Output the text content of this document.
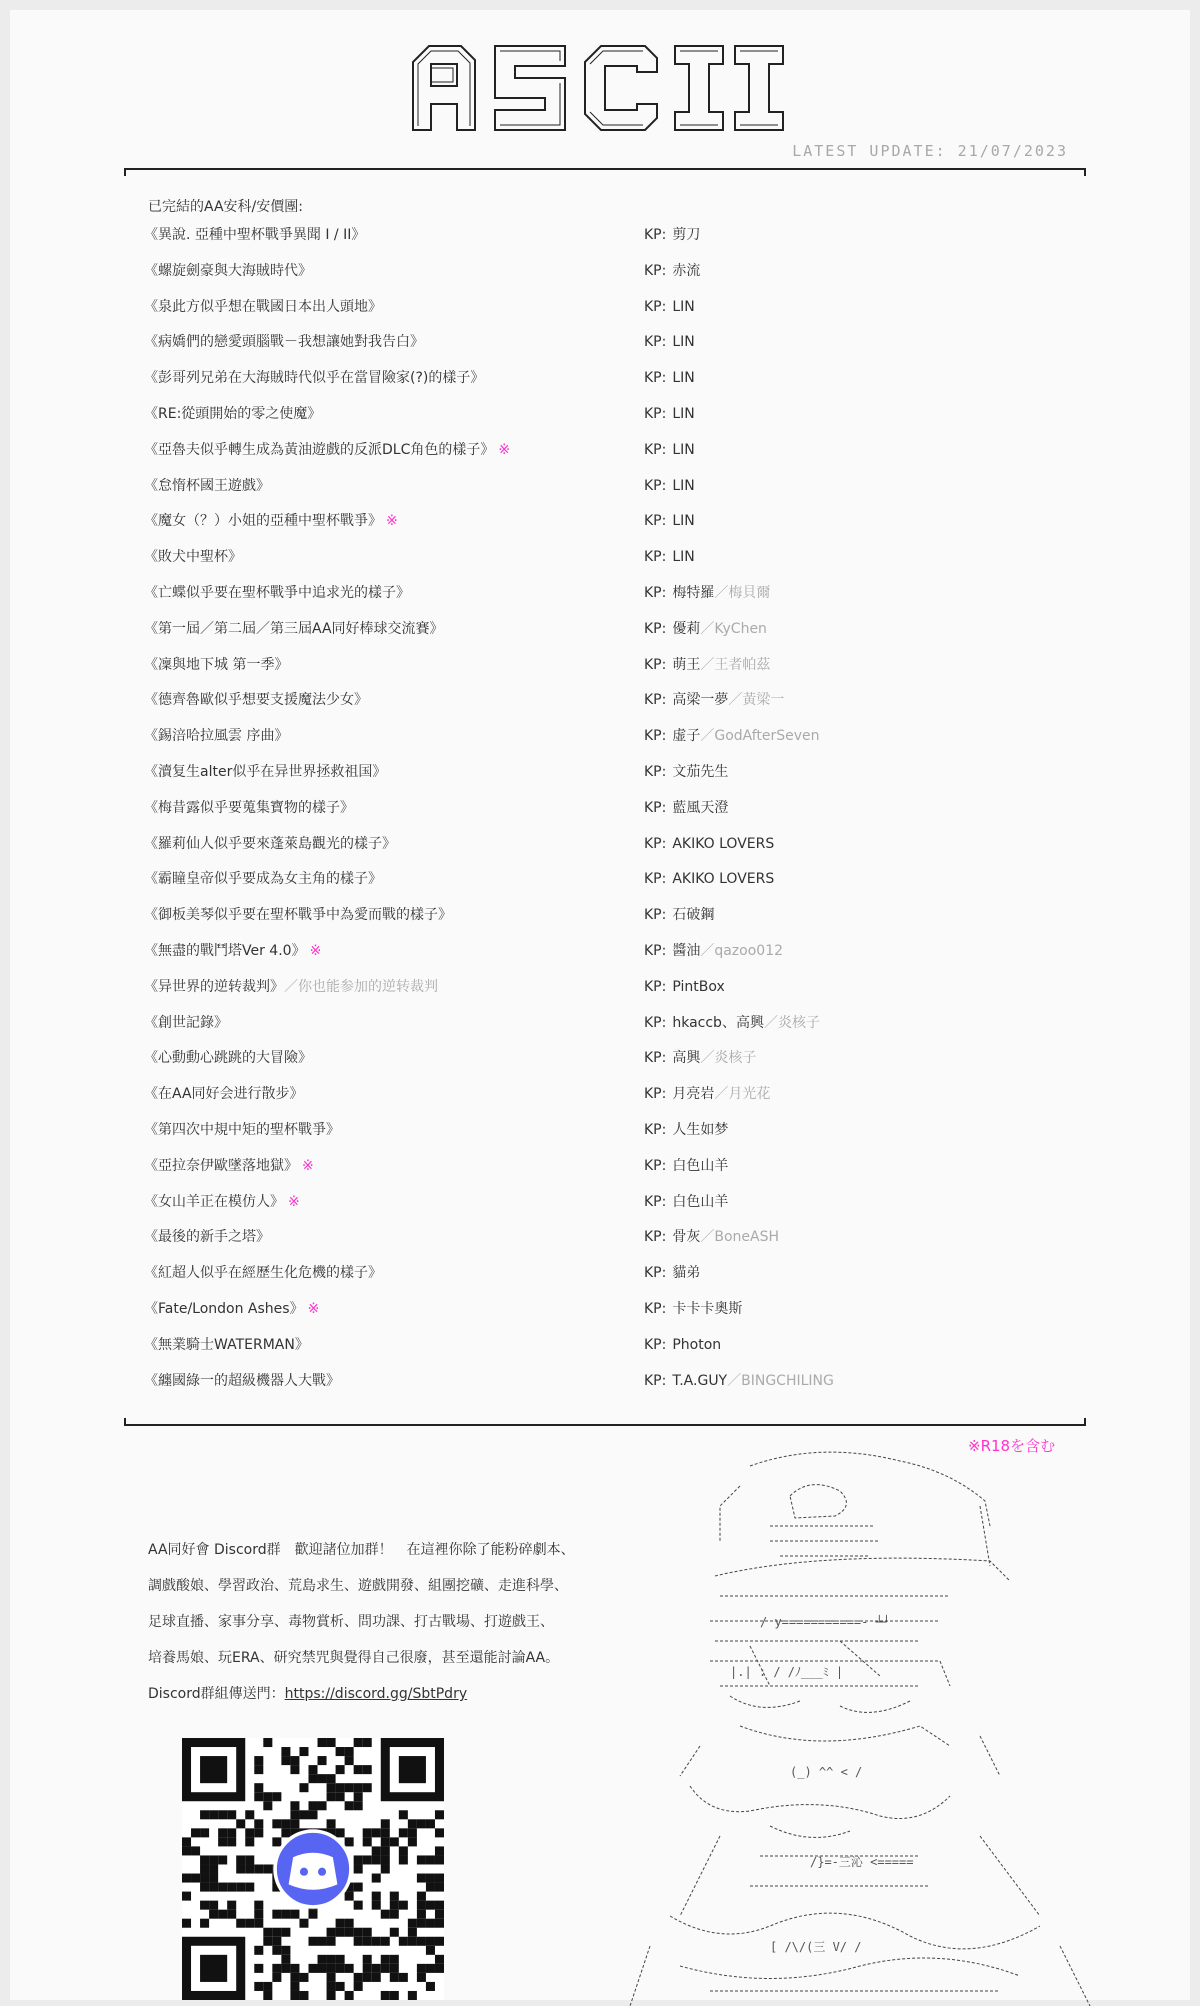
LATEST UPDATE: 21/07/2023
已完結的AA安科/安價團:
《異說. 亞種中聖杯戰爭異聞 I / II》	KP: 剪刀
《螺旋劍豪與大海賊時代》	KP: 赤流
《泉此方似乎想在戰國日本出人頭地》	KP: LIN
《病嬌們的戀愛頭腦戰－我想讓她對我告白》	KP: LIN
《彭哥列兄弟在大海賊時代似乎在當冒險家(?)的樣子》	KP: LIN
《RE:從頭開始的零之使魔》	KP: LIN
《亞魯夫似乎轉生成為黃油遊戲的反派DLC角色的樣子》 ※	KP: LIN
《怠惰杯國王遊戲》	KP: LIN
《魔女（？）小姐的亞種中聖杯戰爭》 ※	KP: LIN
《敗犬中聖杯》	KP: LIN
《亡蝶似乎要在聖杯戰爭中追求光的樣子》	KP: 梅特羅／梅貝爾
《第一屆／第二屆／第三屆AA同好棒球交流賽》	KP: 優莉／KyChen
《凜與地下城 第一季》	KP: 萌王／王者帕茲
《德齊魯歐似乎想要支援魔法少女》	KP: 高梁一夢／黃梁一
《錫涪哈拉風雲 序曲》	KP: 虚子／GodAfterSeven
《瀆复生alter似乎在异世界拯救祖国》	KP: 文茄先生
《梅昔露似乎要蒐集寶物的樣子》	KP: 藍風天澄
《羅莉仙人似乎要來蓬萊島觀光的樣子》	KP: AKIKO LOVERS
《霸瞳皇帝似乎要成為女主角的樣子》	KP: AKIKO LOVERS
《御板美琴似乎要在聖杯戰爭中為愛而戰的樣子》	KP: 石破鋼
《無盡的戰鬥塔Ver 4.0》 ※	KP: 醬油／qazoo012
《异世界的逆转裁判》／你也能参加的逆转裁判	KP: PintBox
《創世記錄》	KP: hkaccb、高興／炎核子
《心動動心跳跳的大冒險》	KP: 高興／炎核子
《在AA同好会进行散步》	KP: 月亮岩／月光花
《第四次中規中矩的聖杯戰爭》	KP: 人生如梦
《亞拉奈伊歐墜落地獄》 ※	KP: 白色山羊
《女山羊正在模仿人》 ※	KP: 白色山羊
《最後的新手之塔》	KP: 骨灰／BoneASH
《紅超人似乎在經歷生化危機的樣子》	KP: 貓弟
《Fate/London Ashes》 ※	KP: 卡卡卡奧斯
《無業騎士WATERMAN》	KP: Photon
《纏國綠一的超級機器人大戰》	KP: T.A.GUY／BINGCHILING
※R18を含む

AA同好會 Discord群　歡迎諸位加群！　在這裡你除了能粉碎劇本、

調戲酸娘、學習政治、荒島求生、遊戲開發、組團挖礦、走進科學、

足球直播、家事分享、毒物賞析、問功課、打古戰場、打遊戲王、

培養馬娘、玩ERA、研究禁咒與覺得自己很廢，甚至還能討論AA。

Discord群組傳送門：https://discord.gg/SbtPdry

/ y===========- ┴┘
|.| : / /ﾉ___ﾐ |
(_) ^^ < /
/}=-三沁 <=====
[ /\/(三 V/ /
